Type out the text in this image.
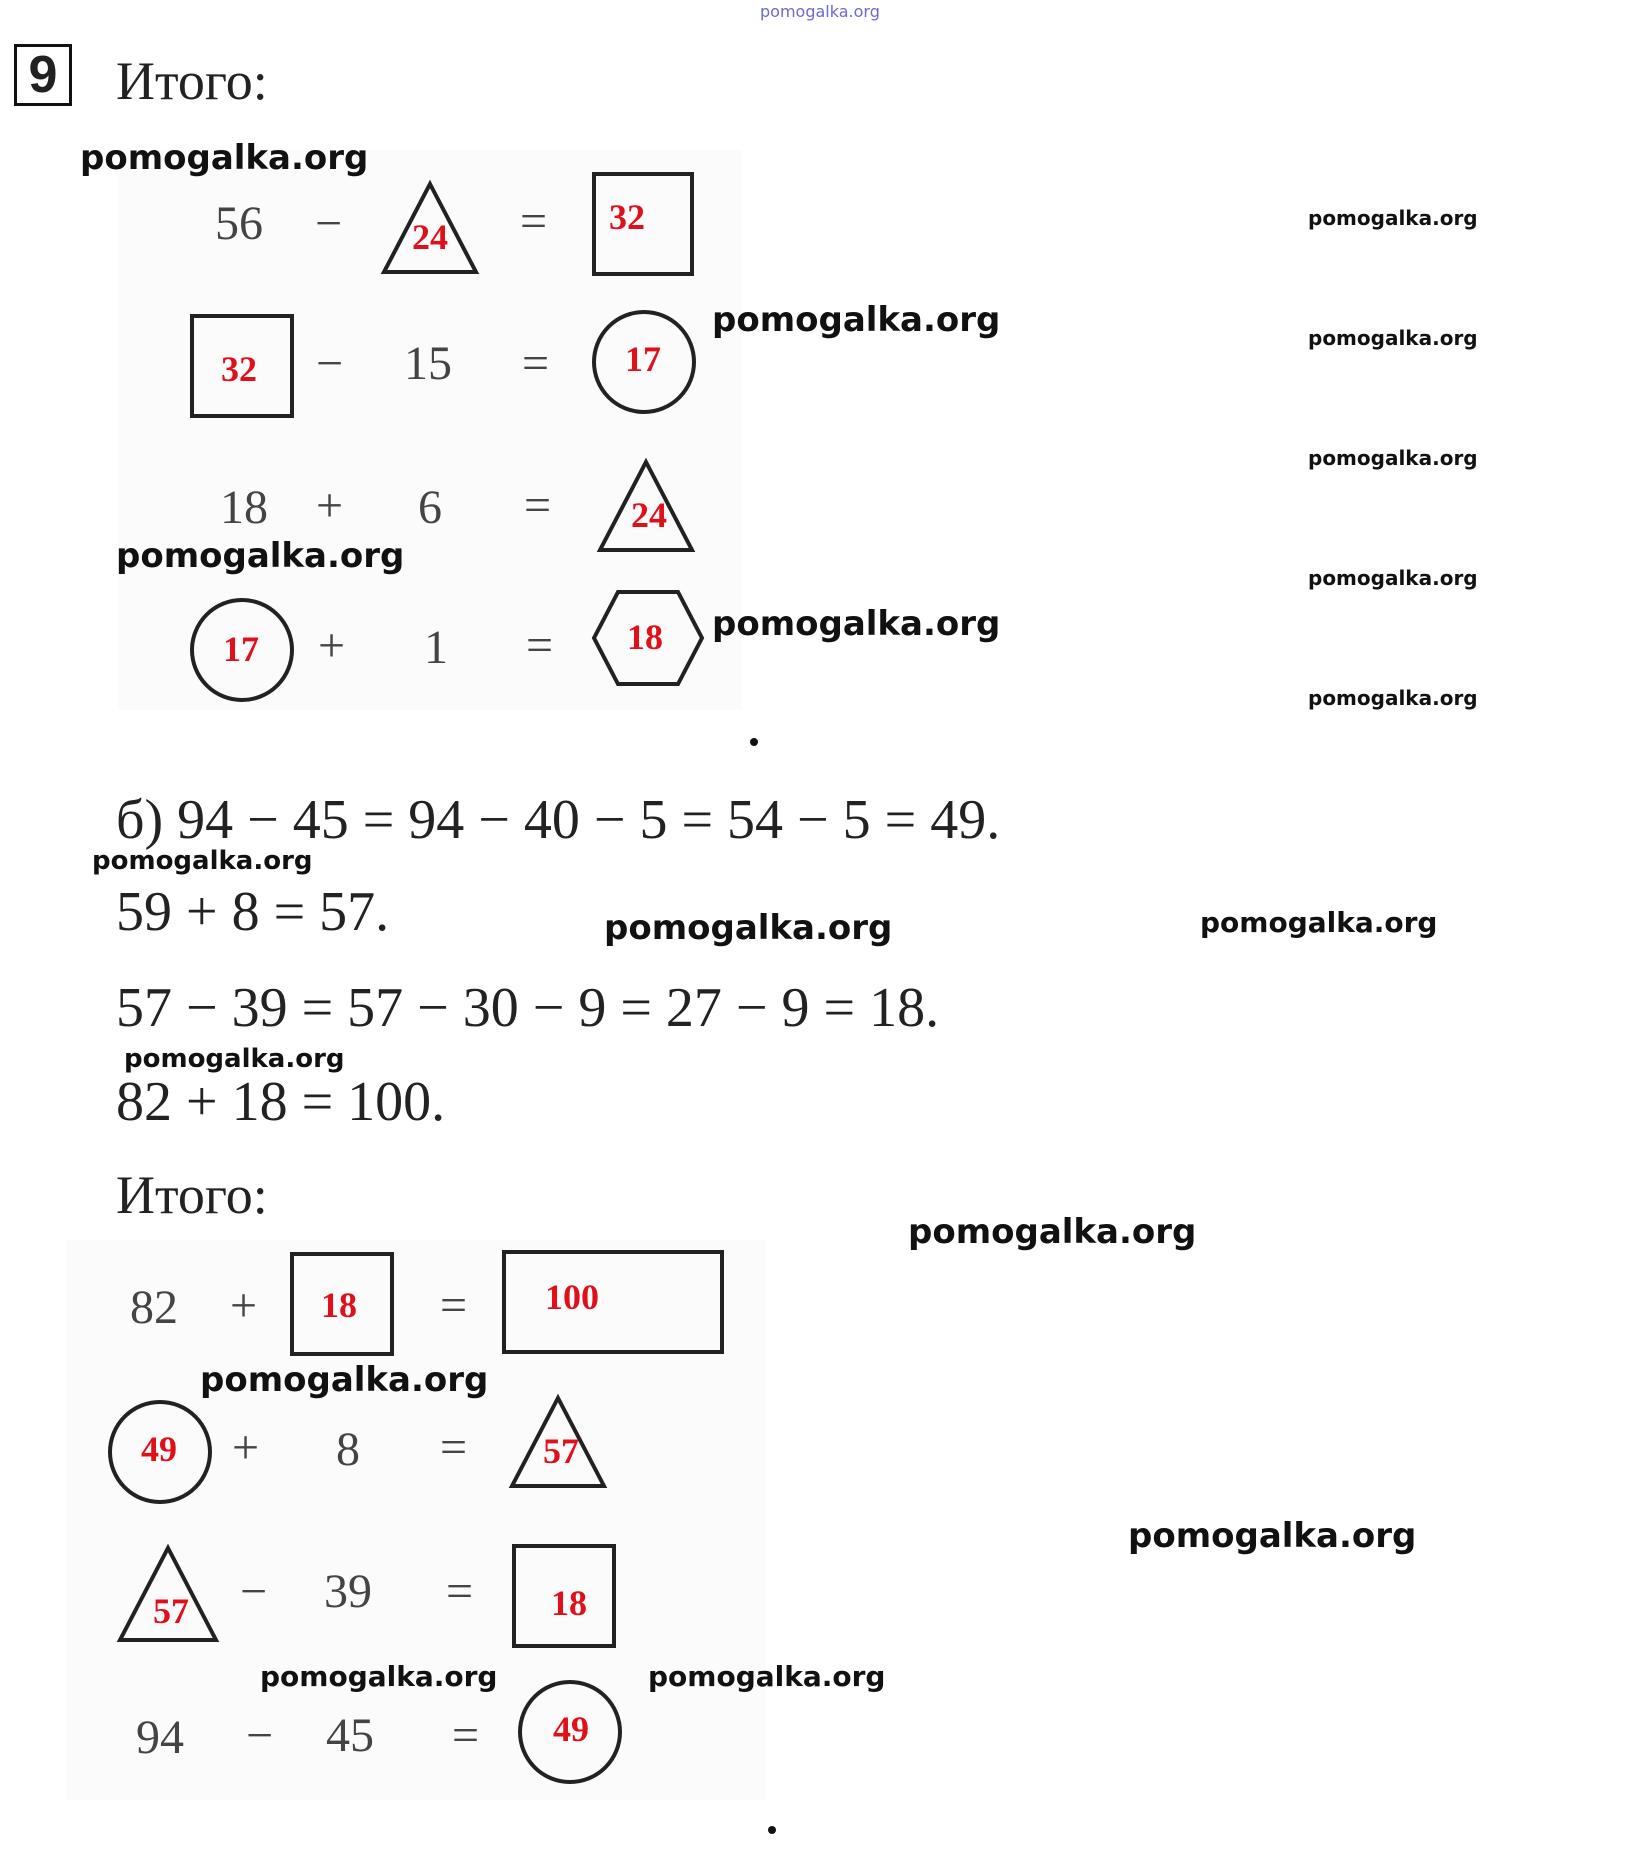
pomogalka.org
9 Итого:
56 −	24	=	32
32	− 15 =	17
18 + 6 =	24
17	+ 1 =	18
б) 94 − 45 = 94 − 40 − 5 = 54 − 5 = 49.
59 + 8 = 57.
57 − 39 = 57 − 30 − 9 = 27 − 9 = 18.
82 + 18 = 100.
Итого:
82 +	18	=	100
49	+ 8 =	57
57	− 39 =	18
94 − 45 =	49
pomogalka.org
pomogalka.org
pomogalka.org
pomogalka.org
pomogalka.org
pomogalka.org
pomogalka.org
pomogalka.org
pomogalka.org
pomogalka.org
pomogalka.org	pomogalka.org
pomogalka.org
pomogalka.org
pomogalka.org
pomogalka.org
pomogalka.org	pomogalka.org
